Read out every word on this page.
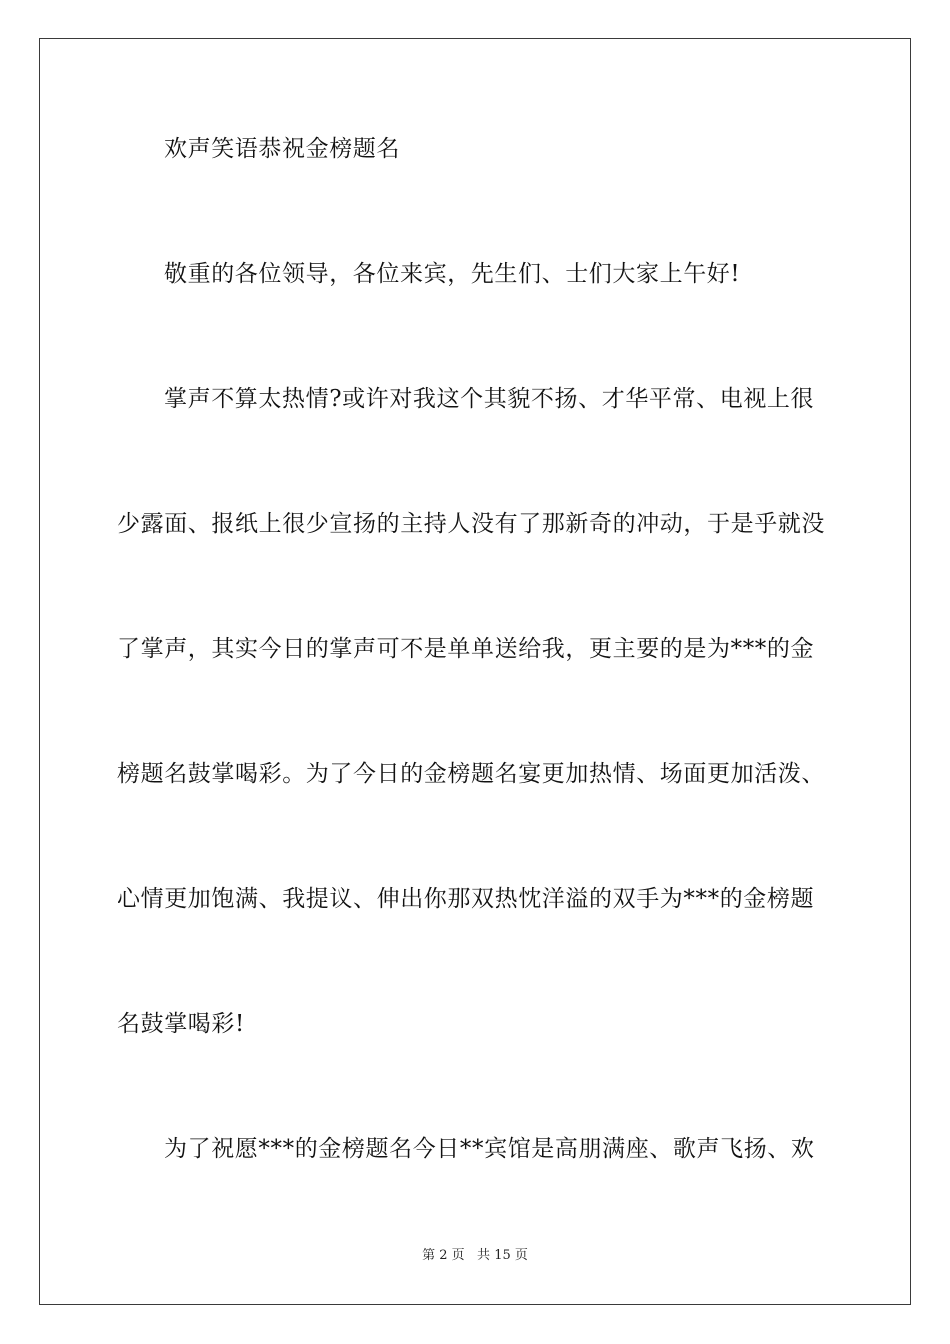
欢声笑语恭祝金榜题名
敬重的各位领导，各位来宾，先生们、士们大家上午好!
掌声不算太热情?或许对我这个其貌不扬、才华平常、电视上很
少露面、报纸上很少宣扬的主持人没有了那新奇的冲动，于是乎就没
了掌声，其实今日的掌声可不是单单送给我，更主要的是为***的金
榜题名鼓掌喝彩。为了今日的金榜题名宴更加热情、场面更加活泼、
心情更加饱满、我提议、伸出你那双热忱洋溢的双手为***的金榜题
名鼓掌喝彩!
为了祝愿***的金榜题名今日**宾馆是高朋满座、歌声飞扬、欢
第 2 页   共 15 页
